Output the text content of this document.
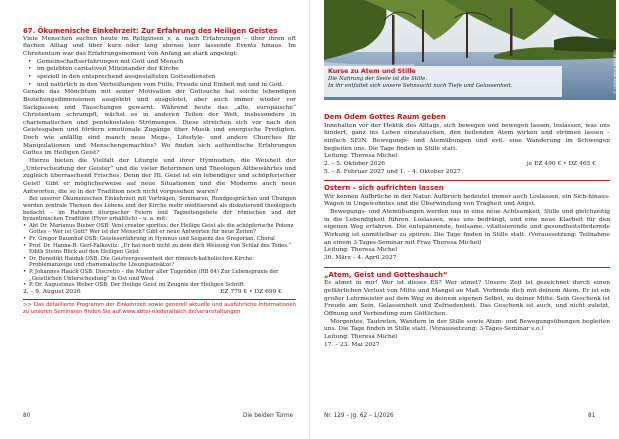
67. Ökumenische Einkehrzeit: Zur Erfahrung des Heiligen Geistes

Viele Menschen suchen heute im Religiösen v. a. nach Erfahrungen – über ihren oft flachen Alltag und über kurz oder lang ebenso leer lassende Events hinaus. Im Christentum war das Erfahrungsmoment von Anfang an stark angelegt:

• Gemeinschaftserfahrungen mit Gott und Mensch
• im gelebten caritativen Miteinander der Kirche
• speziell in den entsprechend ausgestalteten Gottesdiensten
• und natürlich in den Verheißungen vom Fülle, Freude und Einheit mit und in Gott.

Gerade das Mönchtum mit seiner Motivation der Gottsuche hat solche lebendigen Beziehungsdimensionen ausgelebt und ausgelotet, aber auch immer wieder vor Sackgassen und Täuschungen gewarnt. Während heute das „alte, europäische“ Christentum schrumpft, wächst es in anderen Teilen der Welt, insbesondere in charismatischen und pentekostalen Strömungen. Diese streichen sich vor nach den Geistesgaben und fördern emotionale Zugänge über Musik und energische Predigten. Doch wie anfällig sind manch neue Mega-, Lifestyle- und andere Churches für Manipulationen und Menschengemachtes? Wo finden sich authentische Erfahrungen Gottes im Heiligen Geist?

Hierzu bieten die Vielfalt der Liturgie und ihrer Hymnodien, die Weisheit der „Unterscheidung der Geister“ und die vieler Beterinnen und Theologen Altbewährtes und zugleich überraschend Frisches. Denn der Hl. Geist ist ein lebendiger und schöpferischer Geist! Gibt er möglicherweise auf neue Situationen und die Moderne auch neue Antworten, die so in der Tradition noch nicht vorgesehen waren?

Bei unserer Ökumenischen Einkehrzeit mit Vorträgen, Seminaren, Rundgesprächen und Übungen werden zentrale Themen des Lebens und der Kirche mehr meditierend als diskutierend theologisch bedacht – im Rahmen liturgischer Feiern und Tagzeitengebete der römischen und der byzantinischen Tradition (Flyer erhältlich) – u. a. mit:

• Abt Dr. Marianus Bieber OSB: Veni creator spiritus: der Heilige Geist als die schöpferische Potenz Gottes – Wer ist Gott? Wer ist der Mensch? Gibt er neue Antworten für neue Zeiten?
• Fr. Gregor Baumhof OSB: Geisteserfahrung in Hymnus und Sequenz des Gregorian. Choral
• Prof. Dr. Hanna-B. Gerl-Falkovitz: „Er hat noch nicht zu dem dich Weisung von Schlaf des Todes.“ Edith Steins Blick auf den Heiligen Geist
• Dr. Benedikt Haiduk OSB: Die Geistvergessenheit der römisch-katholischen Kirche: Problemanzeige und charismatische Lösungsansätze?
• P. Johannes Hauck OSB: Discretio – die Mutter aller Tugenden (RB 64) Zur Lebenspraxis der „Geistlichen Unterscheidung“ in Ost und West
• P. Dr. Augustinus Weber OSB: Der Heilige Geist im Zeugnis der Heiligen Schrift
2. – 9. August 2026	EZ 779 € • DZ 699 €

>> Das detaillierte Programm der Einkehrzeit sowie generell aktuelle und ausführliche Informationen zu unseren Seminaren finden Sie auf www.abtei-niederaltaich.de/veranstaltungen

© Ulrike Merz-KNA-Bild
Kurse zu Atem und Stille
Die Nahrung der Seele ist die Stille.
In ihr entfaltet sich unsere Sehnsucht nach Tiefe und Gelassenheit.
Dem Odem Gottes Raum geben

Innehalten vor der Hektik des Alltags, sich bewegen und bewegen lassen, loslassen, was uns hindert, ganz ins Leben einzutauchen, den heilenden Atem wirken und strömen lassen – einfach SEIN. Bewegungs- und Atemübungen und evtl. eine Wanderung im Schweigen begleiten uns. Die Tage finden in Stille statt.

Leitung: Theresa Michel
2. – 5. Oktober 2026	je EZ 490 € • DZ 465 €
5. – 8. Februar 2027 und 1. – 4. Oktober 2027
Ostern – sich aufrichten lassen

Wir kennen Aufbrüche in der Natur. Aufbruch bedeutet immer auch Loslassen, ein Sich-hinaus-Wagen in Ungewohntes und die Überwindung von Trägheit und Angst.

Bewegungs- und Atemübungen werden uns in eine neue Achtsamkeit, Stille und gleichzeitig in die Lebendigkeit führen. Loslassen, was uns bedrängt, und eine neue Klarheit für den eigenen Weg erfahren. Die entspannende, heilsame, vitalisierende und gesundheitsfördernde Wirkung ist unmittelbar zu spüren. Die Tage finden in Stille statt. (Voraussetzung: Teilnahme an einem 3-Tages-Seminar mit Frau Theresa Michel)

Leitung: Theresa Michel
30. März – 4. April 2027
„Atem, Geist und Gotteshauch“

Es atmet in mir! Wer ist dieses ES? Wer atmet? Unsere Zeit ist gezeichnet durch einen gefährlichen Verlust von Mitte und Mangel an Maß. Verbinde dich mit deinem Atem. Er ist ein großer Lehrmeister auf dem Weg zu deinem eigenen Selbst, zu deiner Mitte. Sein Geschenk ist Freude am Sein, Gelassenheit und Zufriedenheit. Das Geschenk ist auch, und nicht zuletzt, Öffnung und Verbindung zum Göttlichen.

Morgentee, Tautreten, Wandern in der Stille sowie Atem- und Bewegungsübungen begleiten uns. Die Tage finden in Stille statt. (Voraussetzung: 3-Tages-Seminar s.o.)

Leitung: Theresa Michel
17. – 23. Mai 2027
80	Die beiden Türme	Nr. 129 – Jg. 62 – 1/2026	81
